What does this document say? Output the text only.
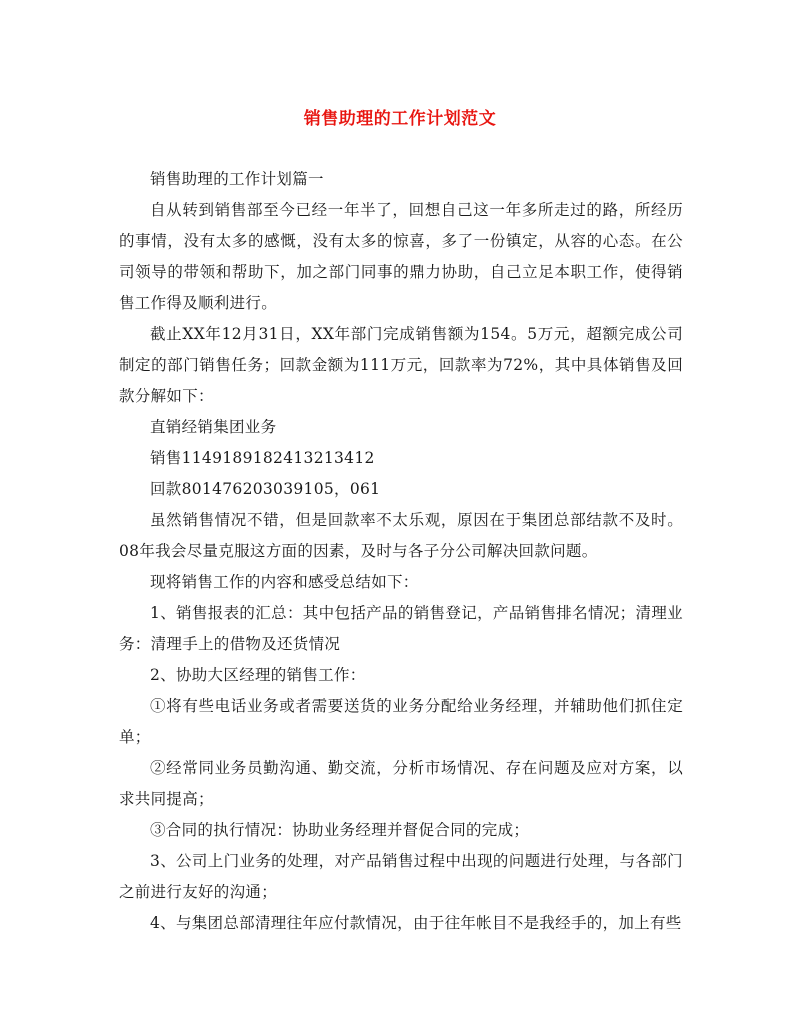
销售助理的工作计划范文

销售助理的工作计划篇一

自从转到销售部至今已经一年半了，回想自己这一年多所走过的路，所经历的事情，没有太多的感慨，没有太多的惊喜，多了一份镇定，从容的心态。在公司领导的带领和帮助下，加之部门同事的鼎力协助，自己立足本职工作，使得销售工作得及顺利进行。

截止XX年12月31日，XX年部门完成销售额为154。5万元，超额完成公司制定的部门销售任务；回款金额为111万元，回款率为72%，其中具体销售及回款分解如下：

直销经销集团业务

销售1149189182413213412

回款801476203039105，061

虽然销售情况不错，但是回款率不太乐观，原因在于集团总部结款不及时。08年我会尽量克服这方面的因素，及时与各子分公司解决回款问题。

现将销售工作的内容和感受总结如下：

1、销售报表的汇总：其中包括产品的销售登记，产品销售排名情况；清理业务：清理手上的借物及还货情况

2、协助大区经理的销售工作：

①将有些电话业务或者需要送货的业务分配给业务经理，并辅助他们抓住定单；

②经常同业务员勤沟通、勤交流，分析市场情况、存在问题及应对方案，以求共同提高；

③合同的执行情况：协助业务经理并督促合同的完成；

3、公司上门业务的处理，对产品销售过程中出现的问题进行处理，与各部门之前进行友好的沟通；

4、与集团总部清理往年应付款情况，由于往年帐目不是我经手的，加上有些
